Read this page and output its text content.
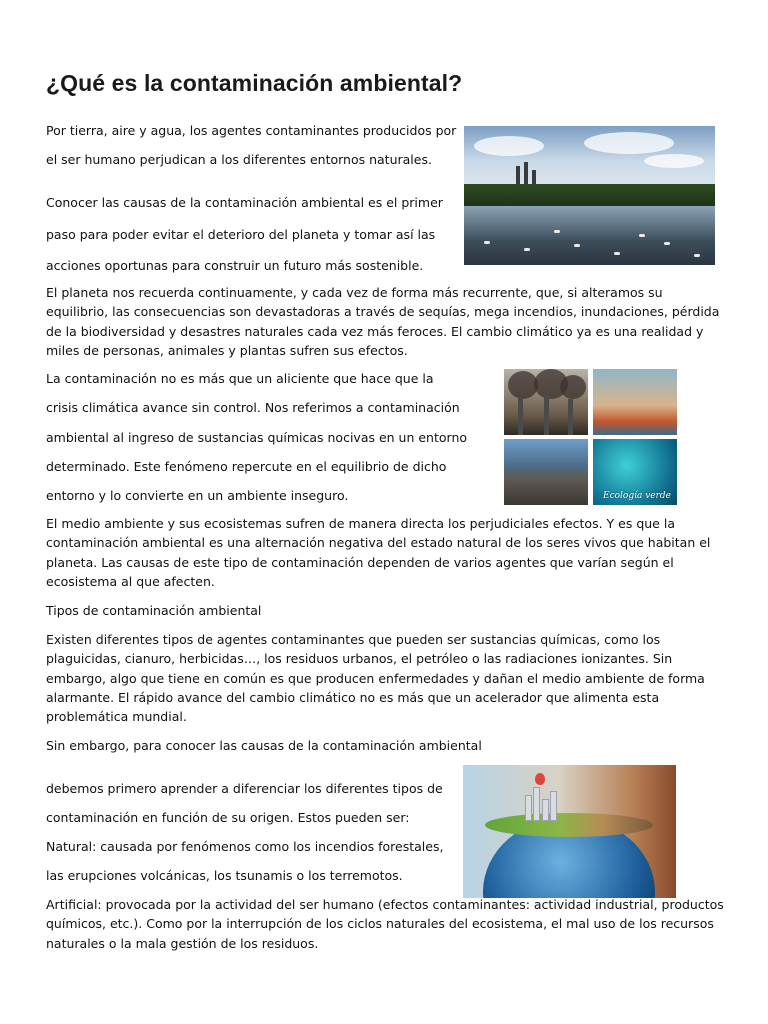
¿Qué es la contaminación ambiental?

Por tierra, aire y agua, los agentes contaminantes producidos por

el ser humano perjudican a los diferentes entornos naturales.

Conocer las causas de la contaminación ambiental es el primer

paso para poder evitar el deterioro del planeta y tomar así las

acciones oportunas para construir un futuro más sostenible.

El planeta nos recuerda continuamente, y cada vez de forma más recurrente, que, si alteramos su equilibrio, las consecuencias son devastadoras a través de sequías, mega incendios, inundaciones, pérdida de la biodiversidad y desastres naturales cada vez más feroces. El cambio climático ya es una realidad y miles de personas, animales y plantas sufren sus efectos.

La contaminación no es más que un aliciente que hace que la

crisis climática avance sin control. Nos referimos a contaminación

ambiental al ingreso de sustancias químicas nocivas en un entorno

determinado. Este fenómeno repercute en el equilibrio de dicho

entorno y lo convierte en un ambiente inseguro.	Ecología verde

El medio ambiente y sus ecosistemas sufren de manera directa los perjudiciales efectos. Y es que la contaminación ambiental es una alternación negativa del estado natural de los seres vivos que habitan el planeta. Las causas de este tipo de contaminación dependen de varios agentes que varían según el ecosistema al que afecten.

Tipos de contaminación ambiental

Existen diferentes tipos de agentes contaminantes que pueden ser sustancias químicas, como los plaguicidas, cianuro, herbicidas…, los residuos urbanos, el petróleo o las radiaciones ionizantes. Sin embargo, algo que tiene en común es que producen enfermedades y dañan el medio ambiente de forma alarmante. El rápido avance del cambio climático no es más que un acelerador que alimenta esta problemática mundial.

Sin embargo, para conocer las causas de la contaminación ambiental

debemos primero aprender a diferenciar los diferentes tipos de

contaminación en función de su origen. Estos pueden ser:

Natural: causada por fenómenos como los incendios forestales,

las erupciones volcánicas, los tsunamis o los terremotos.

Artificial: provocada por la actividad del ser humano (efectos contaminantes: actividad industrial, productos químicos, etc.). Como por la interrupción de los ciclos naturales del ecosistema, el mal uso de los recursos naturales o la mala gestión de los residuos.
